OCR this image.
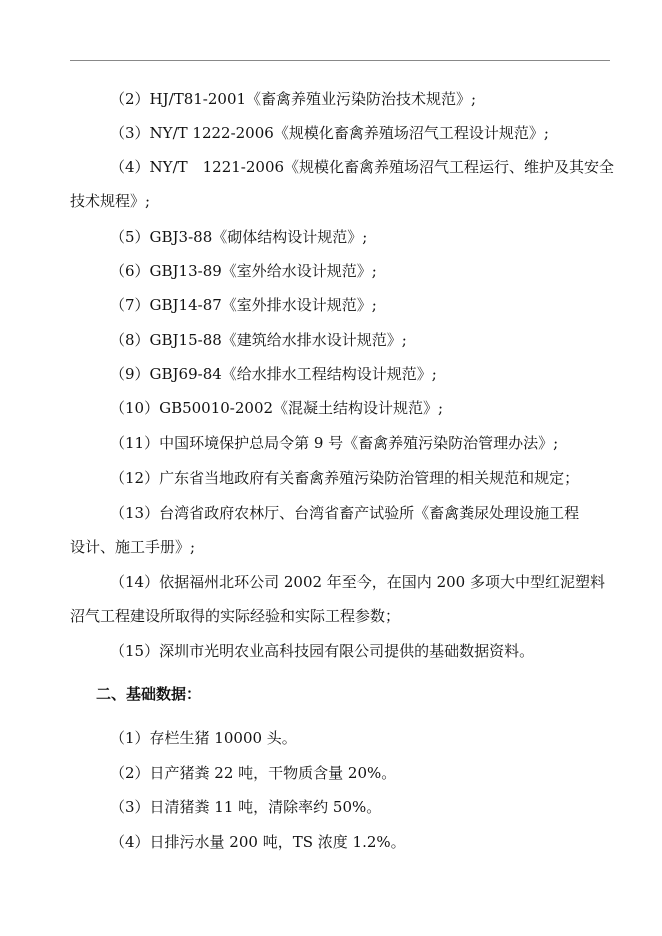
（2）HJ/T81-2001《畜禽养殖业污染防治技术规范》;
（3）NY/T 1222-2006《规模化畜禽养殖场沼气工程设计规范》;
（4）NY/T　1221-2006《规模化畜禽养殖场沼气工程运行、维护及其安全
技术规程》;
（5）GBJ3-88《砌体结构设计规范》;
（6）GBJ13-89《室外给水设计规范》;
（7）GBJ14-87《室外排水设计规范》;
（8）GBJ15-88《建筑给水排水设计规范》;
（9）GBJ69-84《给水排水工程结构设计规范》;
（10）GB50010-2002《混凝土结构设计规范》;
（11）中国环境保护总局令第 9 号《畜禽养殖污染防治管理办法》;
（12）广东省当地政府有关畜禽养殖污染防治管理的相关规范和规定；
（13）台湾省政府农林厅、台湾省畜产试验所《畜禽粪尿处理设施工程
设计、施工手册》;
（14）依据福州北环公司 2002 年至今，在国内 200 多项大中型红泥塑料
沼气工程建设所取得的实际经验和实际工程参数；
（15）深圳市光明农业高科技园有限公司提供的基础数据资料。
二、基础数据：
（1）存栏生猪 10000 头。
（2）日产猪粪 22 吨，干物质含量 20%。
（3）日清猪粪 11 吨，清除率约 50%。
（4）日排污水量 200 吨，TS 浓度 1.2%。
